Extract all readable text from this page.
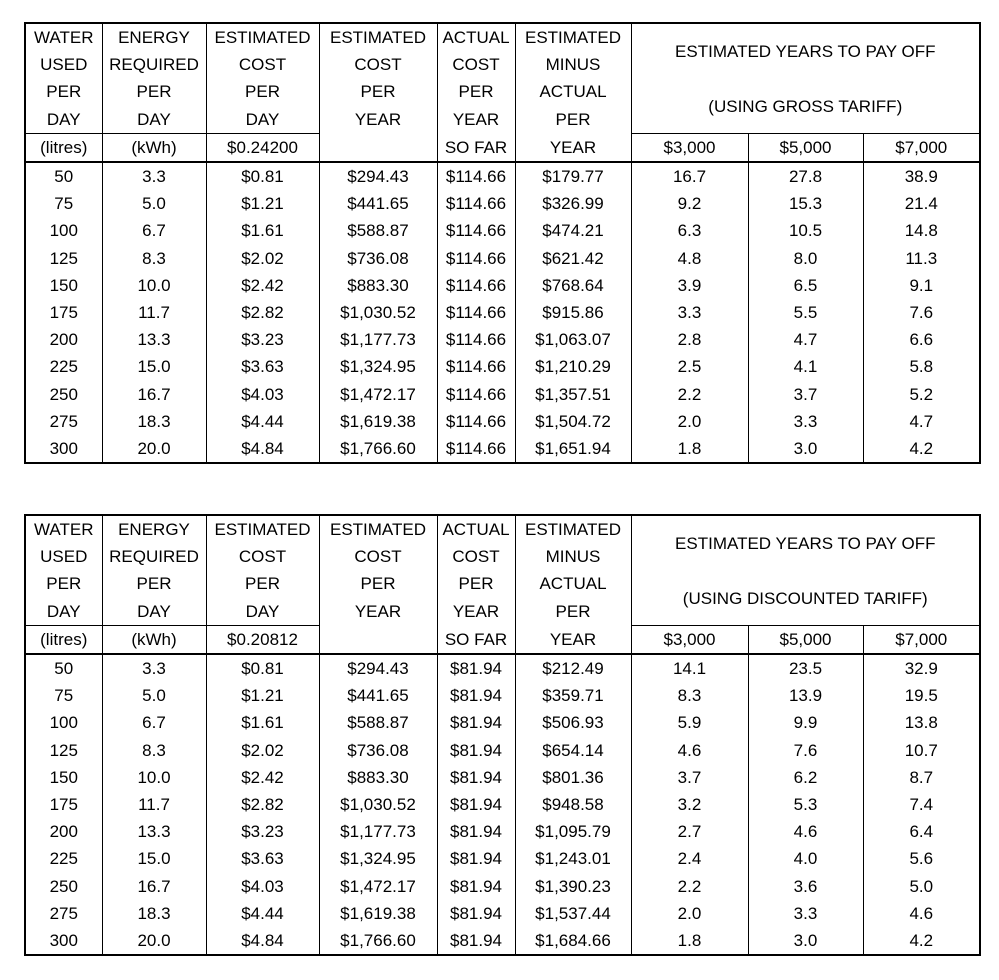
WATER	ENERGY	ESTIMATED	ESTIMATED	ACTUAL	ESTIMATED	ESTIMATED YEARS TO PAY OFF
(USING GROSS TARIFF)		

USED	REQUIRED	COST	COST	COST	MINUS			
PER	PER	PER	PER	PER	ACTUAL			
DAY	DAY	DAY	YEAR	YEAR	PER			
(litres)	(kWh)	$0.24200		SO FAR	YEAR	$3,000	$5,000	$7,000
50	3.3	$0.81	$294.43	$114.66	$179.77	16.7	27.8	38.9
75	5.0	$1.21	$441.65	$114.66	$326.99	9.2	15.3	21.4
100	6.7	$1.61	$588.87	$114.66	$474.21	6.3	10.5	14.8
125	8.3	$2.02	$736.08	$114.66	$621.42	4.8	8.0	11.3
150	10.0	$2.42	$883.30	$114.66	$768.64	3.9	6.5	9.1
175	11.7	$2.82	$1,030.52	$114.66	$915.86	3.3	5.5	7.6
200	13.3	$3.23	$1,177.73	$114.66	$1,063.07	2.8	4.7	6.6
225	15.0	$3.63	$1,324.95	$114.66	$1,210.29	2.5	4.1	5.8
250	16.7	$4.03	$1,472.17	$114.66	$1,357.51	2.2	3.7	5.2
275	18.3	$4.44	$1,619.38	$114.66	$1,504.72	2.0	3.3	4.7
300	20.0	$4.84	$1,766.60	$114.66	$1,651.94	1.8	3.0	4.2
WATER	ENERGY	ESTIMATED	ESTIMATED	ACTUAL	ESTIMATED	ESTIMATED YEARS TO PAY OFF
(USING DISCOUNTED TARIFF)		

USED	REQUIRED	COST	COST	COST	MINUS			
PER	PER	PER	PER	PER	ACTUAL			
DAY	DAY	DAY	YEAR	YEAR	PER			
(litres)	(kWh)	$0.20812		SO FAR	YEAR	$3,000	$5,000	$7,000
50	3.3	$0.81	$294.43	$81.94	$212.49	14.1	23.5	32.9
75	5.0	$1.21	$441.65	$81.94	$359.71	8.3	13.9	19.5
100	6.7	$1.61	$588.87	$81.94	$506.93	5.9	9.9	13.8
125	8.3	$2.02	$736.08	$81.94	$654.14	4.6	7.6	10.7
150	10.0	$2.42	$883.30	$81.94	$801.36	3.7	6.2	8.7
175	11.7	$2.82	$1,030.52	$81.94	$948.58	3.2	5.3	7.4
200	13.3	$3.23	$1,177.73	$81.94	$1,095.79	2.7	4.6	6.4
225	15.0	$3.63	$1,324.95	$81.94	$1,243.01	2.4	4.0	5.6
250	16.7	$4.03	$1,472.17	$81.94	$1,390.23	2.2	3.6	5.0
275	18.3	$4.44	$1,619.38	$81.94	$1,537.44	2.0	3.3	4.6
300	20.0	$4.84	$1,766.60	$81.94	$1,684.66	1.8	3.0	4.2
